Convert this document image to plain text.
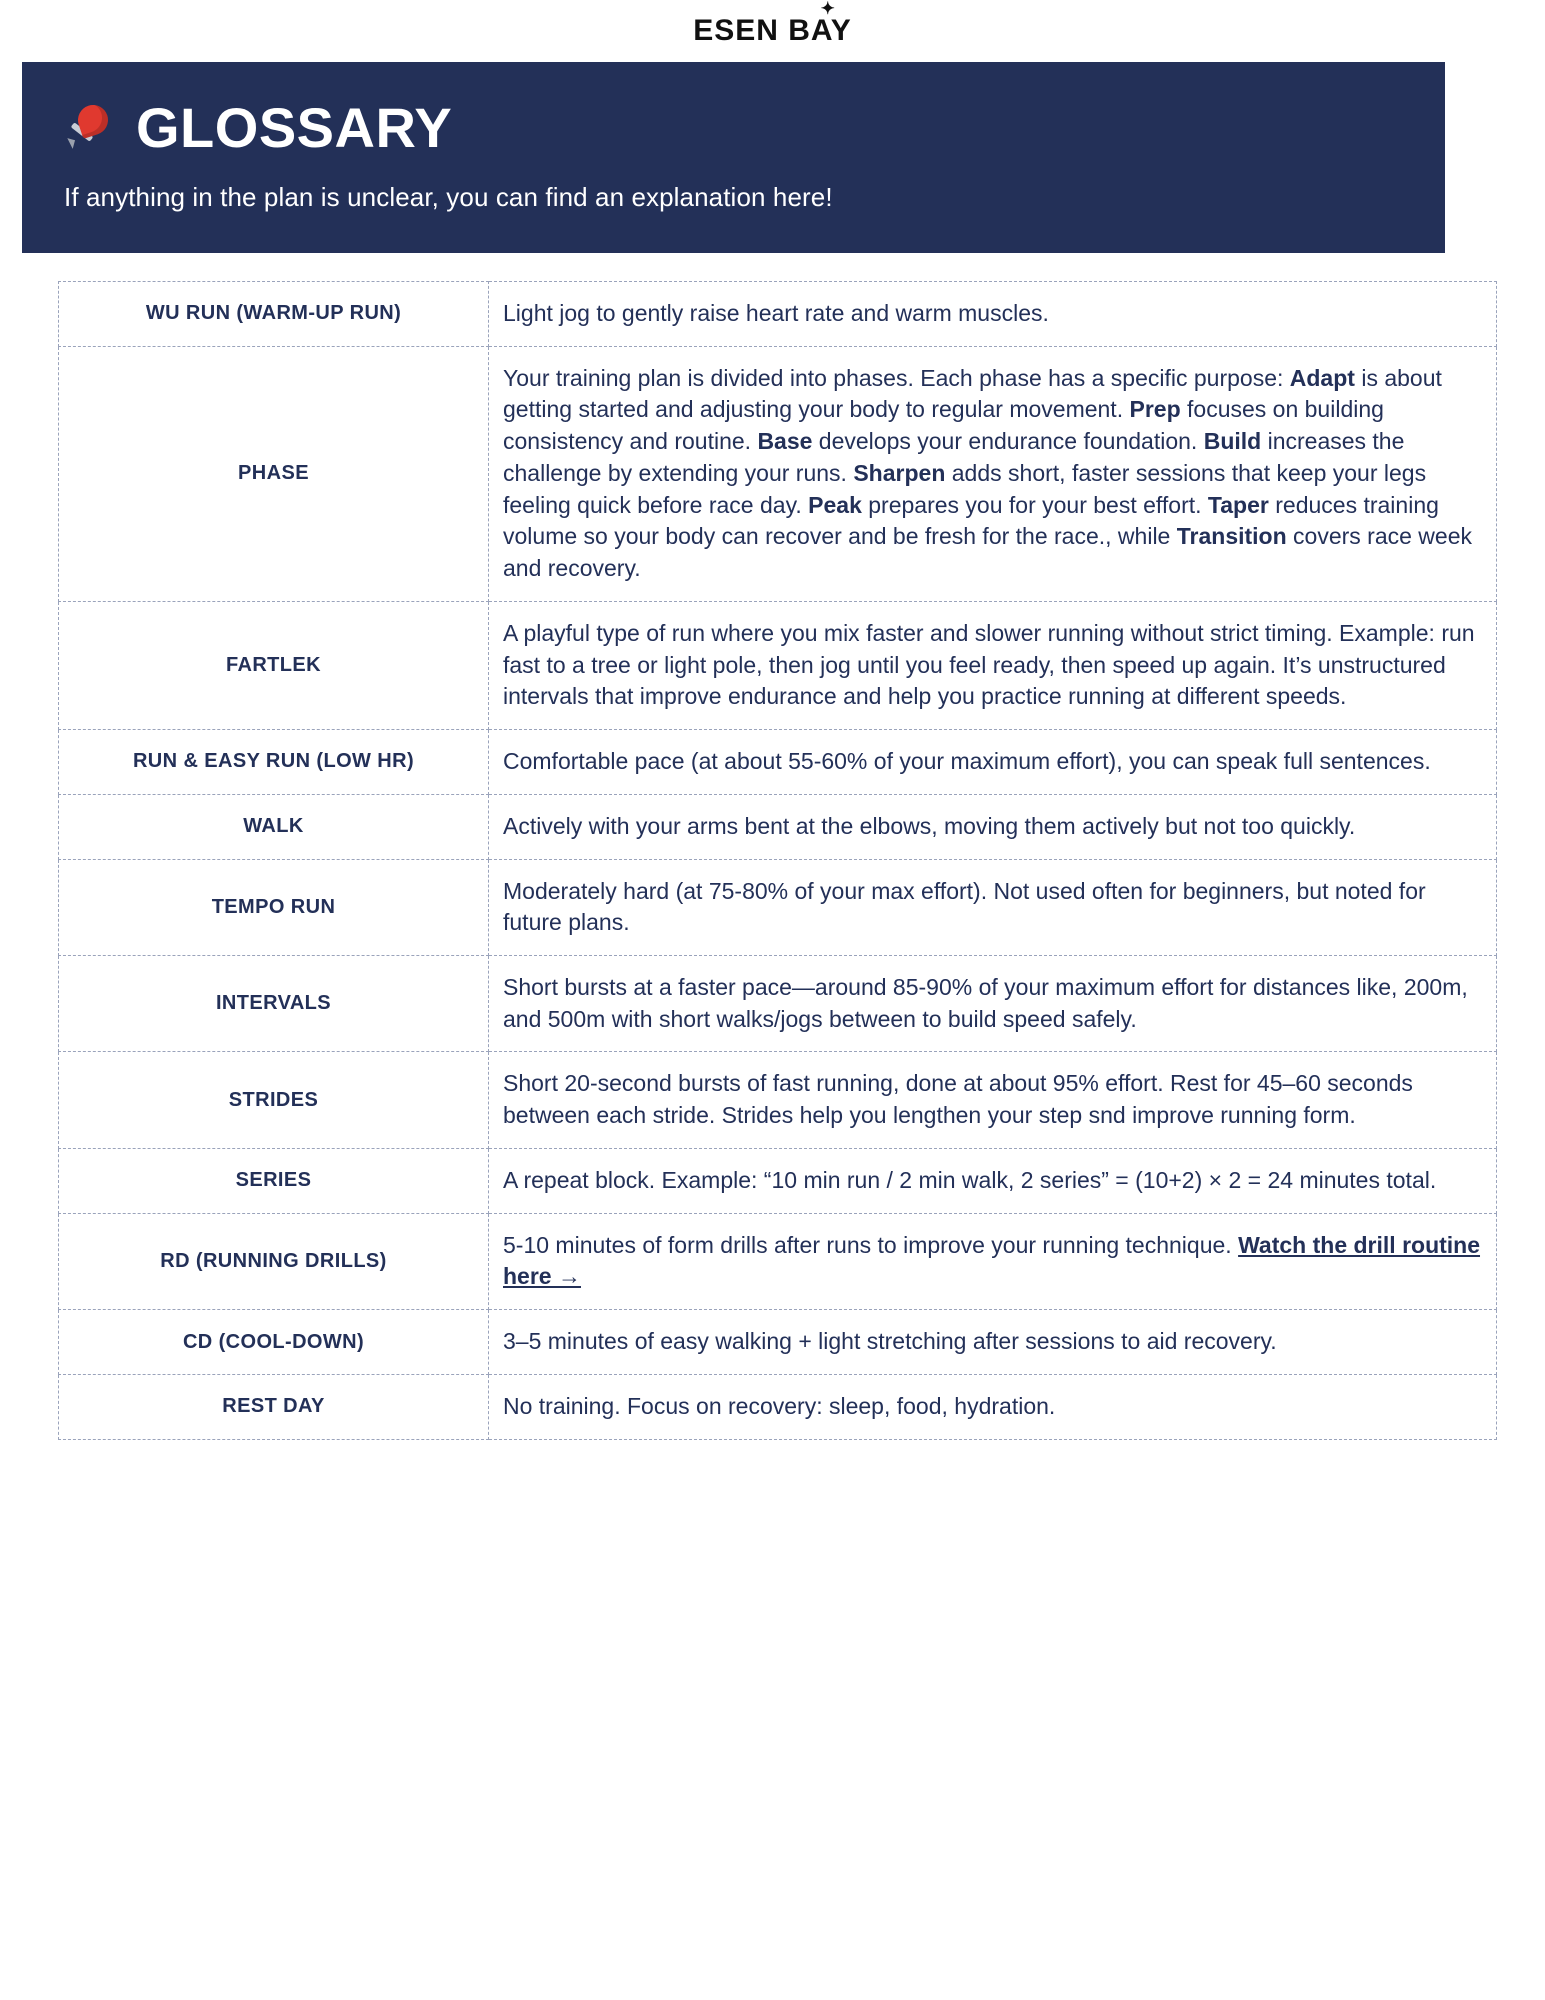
ESEN BAY
✦
GLOSSARY
If anything in the plan is unclear, you can find an explanation here!
WU RUN (WARM-UP RUN)	Light jog to gently raise heart rate and warm muscles.
PHASE	Your training plan is divided into phases. Each phase has a specific purpose: Adapt is about getting started and adjusting your body to regular movement. Prep focuses on building consistency and routine. Base develops your endurance foundation. Build increases the challenge by extending your runs. Sharpen adds short, faster sessions that keep your legs feeling quick before race day. Peak prepares you for your best effort. Taper reduces training volume so your body can recover and be fresh for the race., while Transition covers race week and recovery.
FARTLEK	A playful type of run where you mix faster and slower running without strict timing. Example: run fast to a tree or light pole, then jog until you feel ready, then speed up again. It’s unstructured intervals that improve endurance and help you practice running at different speeds.
RUN & EASY RUN (LOW HR)	Comfortable pace (at about 55-60% of your maximum effort), you can speak full sentences.
WALK	Actively with your arms bent at the elbows, moving them actively but not too quickly.
TEMPO RUN	Moderately hard (at 75-80% of your max effort). Not used often for beginners, but noted for future plans.
INTERVALS	Short bursts at a faster pace—around 85-90% of your maximum effort for distances like, 200m, and 500m with short walks/jogs between to build speed safely.
STRIDES	Short 20-second bursts of fast running, done at about 95% effort. Rest for 45–60 seconds between each stride. Strides help you lengthen your step snd improve running form.
SERIES	A repeat block. Example: “10 min run / 2 min walk, 2 series” = (10+2) × 2 = 24 minutes total.
RD (RUNNING DRILLS)	5-10 minutes of form drills after runs to improve your running technique. Watch the drill routine here →
CD (COOL-DOWN)	3–5 minutes of easy walking + light stretching after sessions to aid recovery.
REST DAY	No training. Focus on recovery: sleep, food, hydration.
